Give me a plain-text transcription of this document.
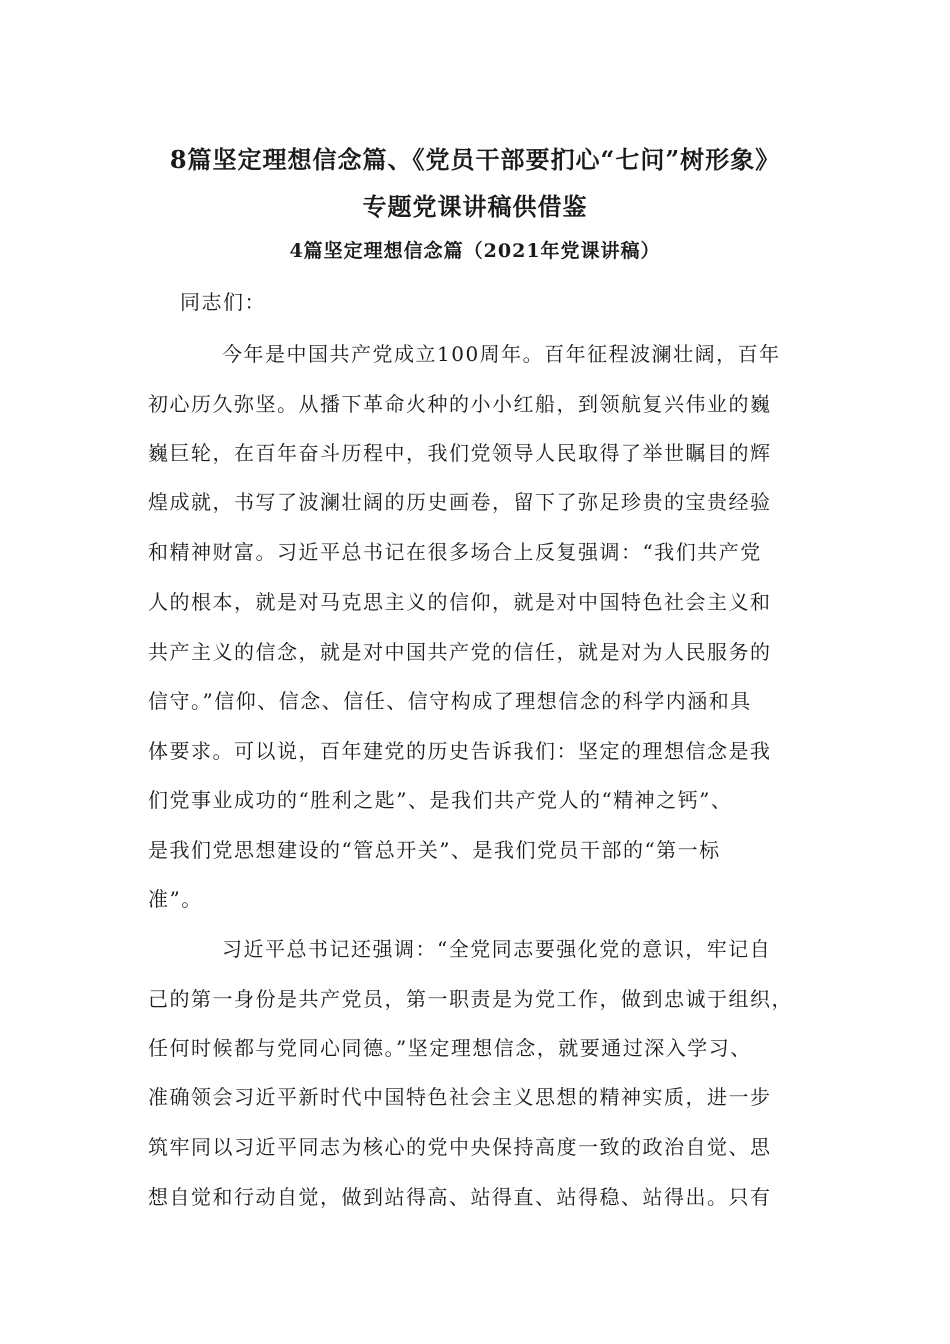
8篇坚定理想信念篇、《党员干部要扪心“七问”树形象》
专题党课讲稿供借鉴
4篇坚定理想信念篇（2021年党课讲稿）
同志们：
今年是中国共产党成立100周年。百年征程波澜壮阔，百年
初心历久弥坚。从播下革命火种的小小红船，到领航复兴伟业的巍
巍巨轮，在百年奋斗历程中，我们党领导人民取得了举世瞩目的辉
煌成就，书写了波澜壮阔的历史画卷，留下了弥足珍贵的宝贵经验
和精神财富。习近平总书记在很多场合上反复强调：“我们共产党
人的根本，就是对马克思主义的信仰，就是对中国特色社会主义和
共产主义的信念，就是对中国共产党的信任，就是对为人民服务的
信守。”信仰、信念、信任、信守构成了理想信念的科学内涵和具
体要求。可以说，百年建党的历史告诉我们：坚定的理想信念是我
们党事业成功的“胜利之匙”、是我们共产党人的“精神之钙”、
是我们党思想建设的“管总开关”、是我们党员干部的“第一标
准”。
习近平总书记还强调：“全党同志要强化党的意识，牢记自
己的第一身份是共产党员，第一职责是为党工作，做到忠诚于组织，
任何时候都与党同心同德。”坚定理想信念，就要通过深入学习、
准确领会习近平新时代中国特色社会主义思想的精神实质，进一步
筑牢同以习近平同志为核心的党中央保持高度一致的政治自觉、思
想自觉和行动自觉，做到站得高、站得直、站得稳、站得出。只有
